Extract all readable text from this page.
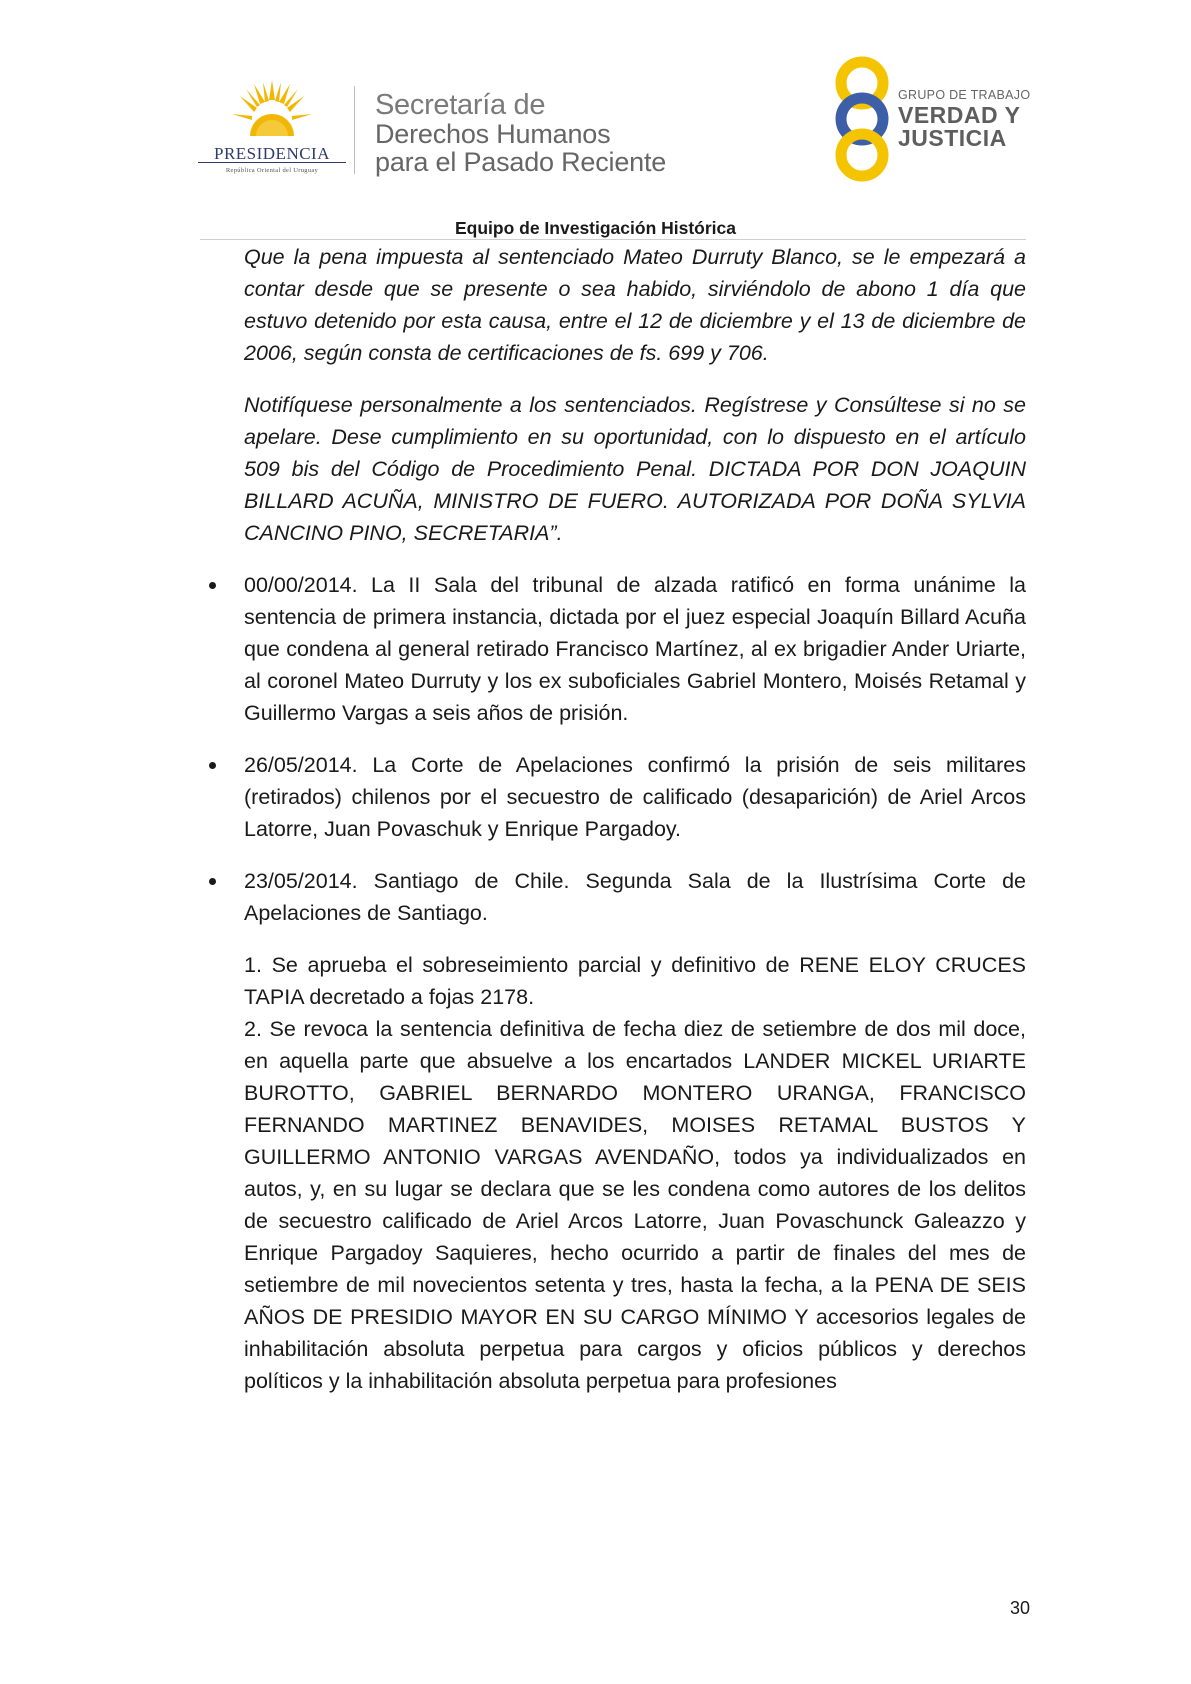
PRESIDENCIA
República Oriental del Uruguay
Secretaría de
Derechos Humanos
para el Pasado Reciente
GRUPO DE TRABAJO
VERDAD Y
JUSTICIA
Equipo de Investigación Histórica

Que la pena impuesta al sentenciado Mateo Durruty Blanco, se le empezará a contar desde que se presente o sea habido, sirviéndolo de abono 1 día que estuvo detenido por esta causa, entre el 12 de diciembre y el 13 de diciembre de 2006, según consta de certificaciones de fs. 699 y 706.

Notifíquese personalmente a los sentenciados. Regístrese y Consúltese si no se apelare. Dese cumplimiento en su oportunidad, con lo dispuesto en el artículo 509 bis del Código de Procedimiento Penal. DICTADA POR DON JOAQUIN BILLARD ACUÑA, MINISTRO DE FUERO. AUTORIZADA POR DOÑA SYLVIA CANCINO PINO, SECRETARIA”.

00/00/2014. La II Sala del tribunal de alzada ratificó en forma unánime la sentencia de primera instancia, dictada por el juez especial Joaquín Billard Acuña que condena al general retirado Francisco Martínez, al ex brigadier Ander Uriarte, al coronel Mateo Durruty y los ex suboficiales Gabriel Montero, Moisés Retamal y Guillermo Vargas a seis años de prisión.

26/05/2014. La Corte de Apelaciones confirmó la prisión de seis militares (retirados) chilenos por el secuestro de calificado (desaparición) de Ariel Arcos Latorre, Juan Povaschuk y Enrique Pargadoy.

23/05/2014. Santiago de Chile. Segunda Sala de la Ilustrísima Corte de Apelaciones de Santiago.

1. Se aprueba el sobreseimiento parcial y definitivo de RENE ELOY CRUCES TAPIA decretado a fojas 2178.

2. Se revoca la sentencia definitiva de fecha diez de setiembre de dos mil doce, en aquella parte que absuelve a los encartados LANDER MICKEL URIARTE BUROTTO, GABRIEL BERNARDO MONTERO URANGA, FRANCISCO FERNANDO MARTINEZ BENAVIDES, MOISES RETAMAL BUSTOS Y GUILLERMO ANTONIO VARGAS AVENDAÑO, todos ya individualizados en autos, y, en su lugar se declara que se les condena como autores de los delitos de secuestro calificado de Ariel Arcos Latorre, Juan Povaschunck Galeazzo y Enrique Pargadoy Saquieres, hecho ocurrido a partir de finales del mes de setiembre de mil novecientos setenta y tres, hasta la fecha, a la PENA DE SEIS AÑOS DE PRESIDIO MAYOR EN SU CARGO MÍNIMO Y accesorios legales de inhabilitación absoluta perpetua para cargos y oficios públicos y derechos políticos y la inhabilitación absoluta perpetua para profesiones

30
